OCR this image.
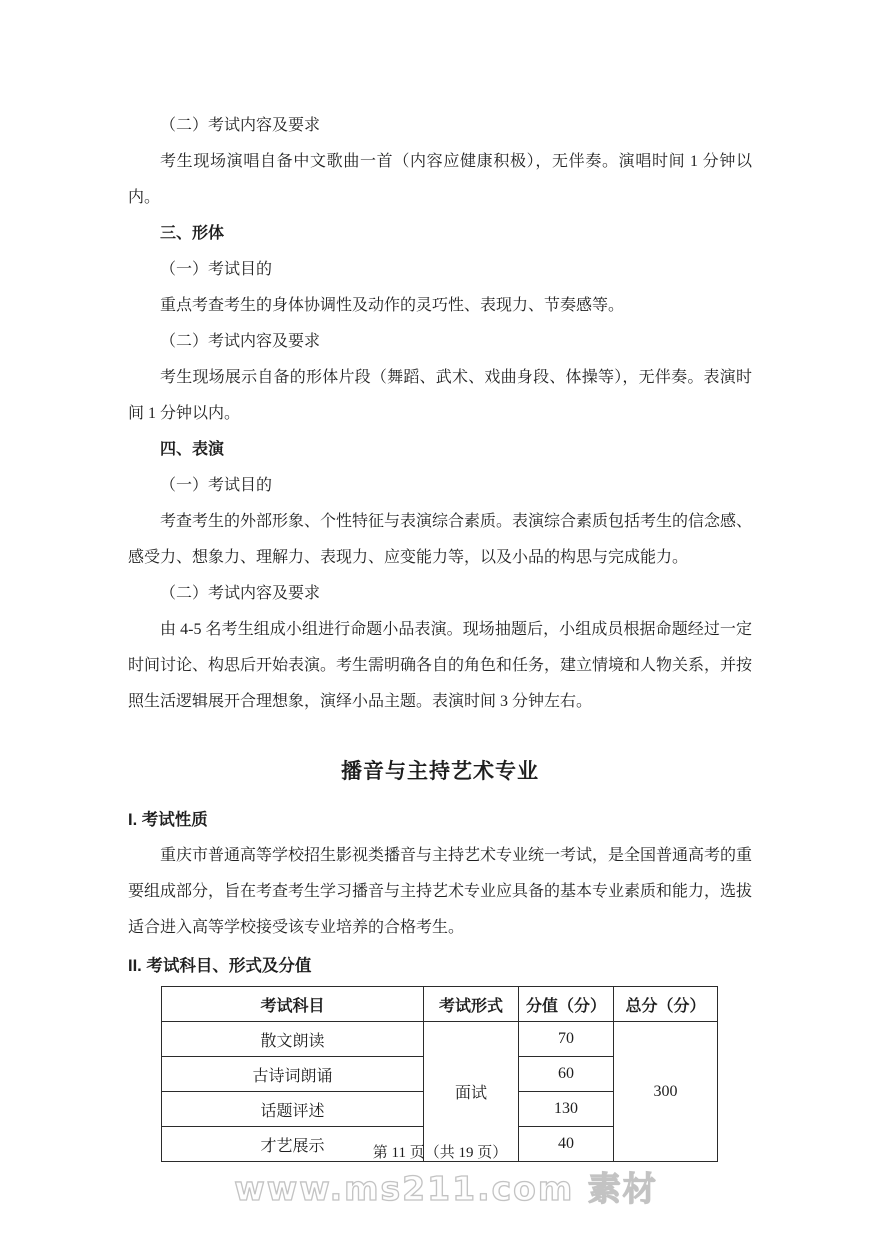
（二）考试内容及要求

考生现场演唱自备中文歌曲一首（内容应健康积极），无伴奏。演唱时间 1 分钟以内。

三、形体

（一）考试目的

重点考查考生的身体协调性及动作的灵巧性、表现力、节奏感等。

（二）考试内容及要求

考生现场展示自备的形体片段（舞蹈、武术、戏曲身段、体操等），无伴奏。表演时间 1 分钟以内。

四、表演

（一）考试目的

考查考生的外部形象、个性特征与表演综合素质。表演综合素质包括考生的信念感、感受力、想象力、理解力、表现力、应变能力等，以及小品的构思与完成能力。

（二）考试内容及要求

由 4-5 名考生组成小组进行命题小品表演。现场抽题后，小组成员根据命题经过一定时间讨论、构思后开始表演。考生需明确各自的角色和任务，建立情境和人物关系，并按照生活逻辑展开合理想象，演绎小品主题。表演时间 3 分钟左右。

播音与主持艺术专业
I. 考试性质

重庆市普通高等学校招生影视类播音与主持艺术专业统一考试，是全国普通高考的重要组成部分，旨在考查考生学习播音与主持艺术专业应具备的基本专业素质和能力，选拔适合进入高等学校接受该专业培养的合格考生。

II. 考试科目、形式及分值
考试科目	考试形式	分值（分）	总分（分）
散文朗读	面试	70	300
古诗词朗诵		60	
话题评述		130	
才艺展示		40	
第 11 页（共 19 页）
www.ms211.com 素材
